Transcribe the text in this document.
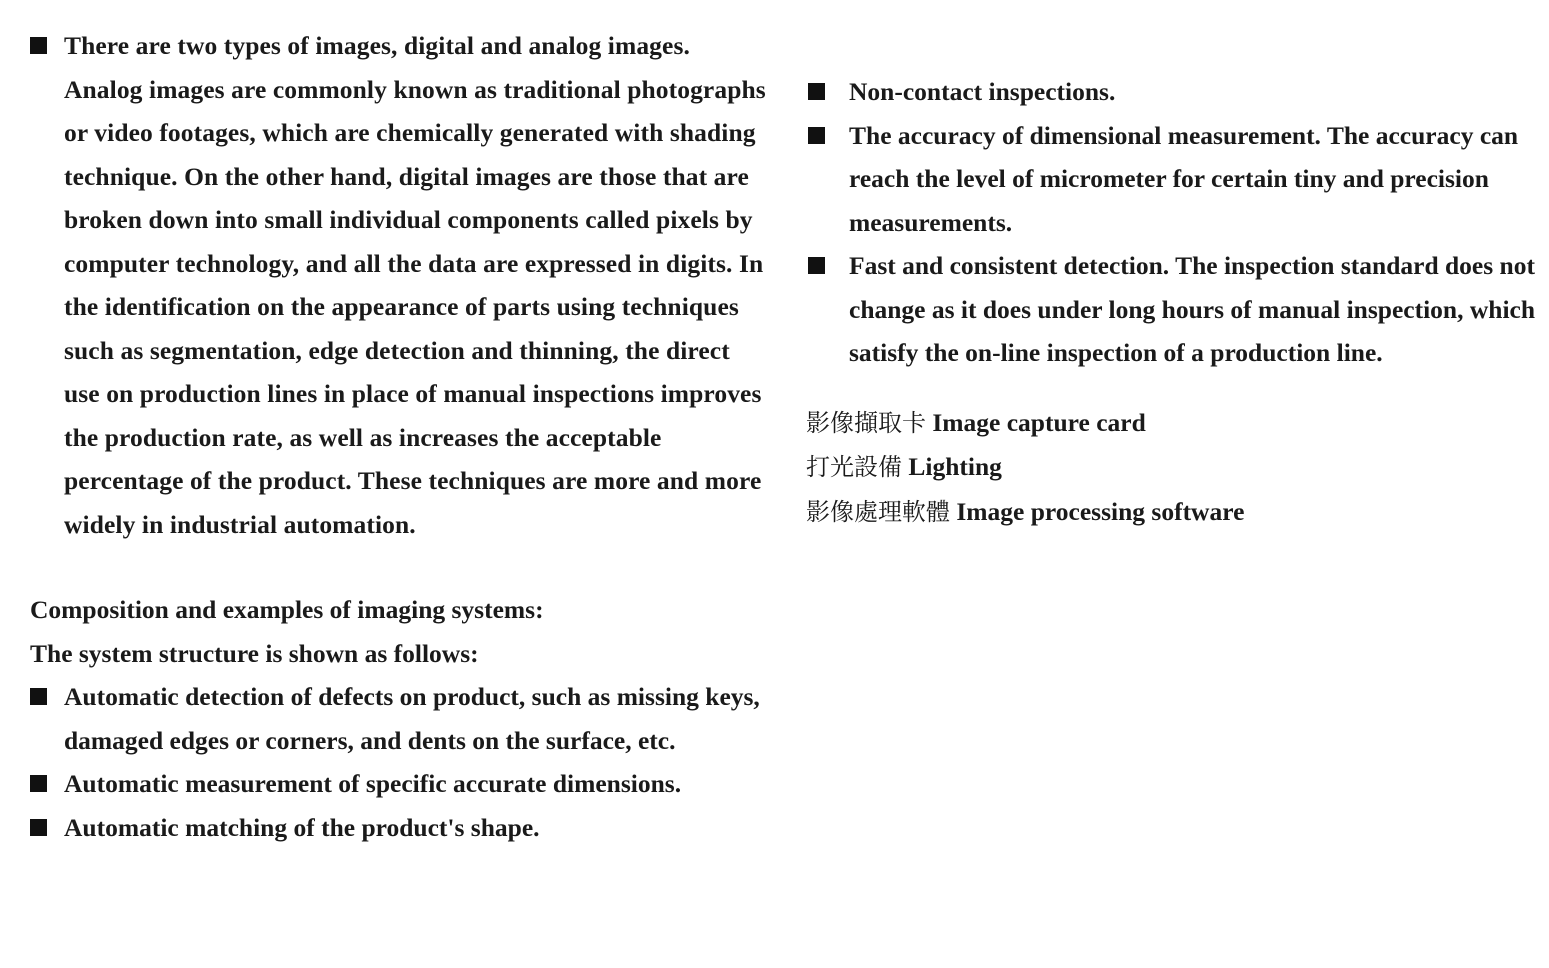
There are two types of images, digital and analog images. Analog images are commonly known as traditional photographs or video footages, which are chemically generated with shading technique. On the other hand, digital images are those that are broken down into small individual components called pixels by computer technology, and all the data are expressed in digits. In the identification on the appearance of parts using techniques such as segmentation, edge detection and thinning, the direct use on production lines in place of manual inspections improves the production rate, as well as increases the acceptable percentage of the product. These techniques are more and more widely in industrial automation.
Composition and examples of imaging systems:
The system structure is shown as follows:
Automatic detection of defects on product, such as missing keys, damaged edges or corners, and dents on the surface, etc.
Automatic measurement of specific accurate dimensions.
Automatic matching of the product's shape.
Non-contact inspections.
The accuracy of dimensional measurement. The accuracy can reach the level of micrometer for certain tiny and precision measurements.
Fast and consistent detection. The inspection standard does not change as it does under long hours of manual inspection, which satisfy the on-line inspection of a production line.
影像擷取卡 Image capture card
打光設備 Lighting
影像處理軟體 Image processing software
